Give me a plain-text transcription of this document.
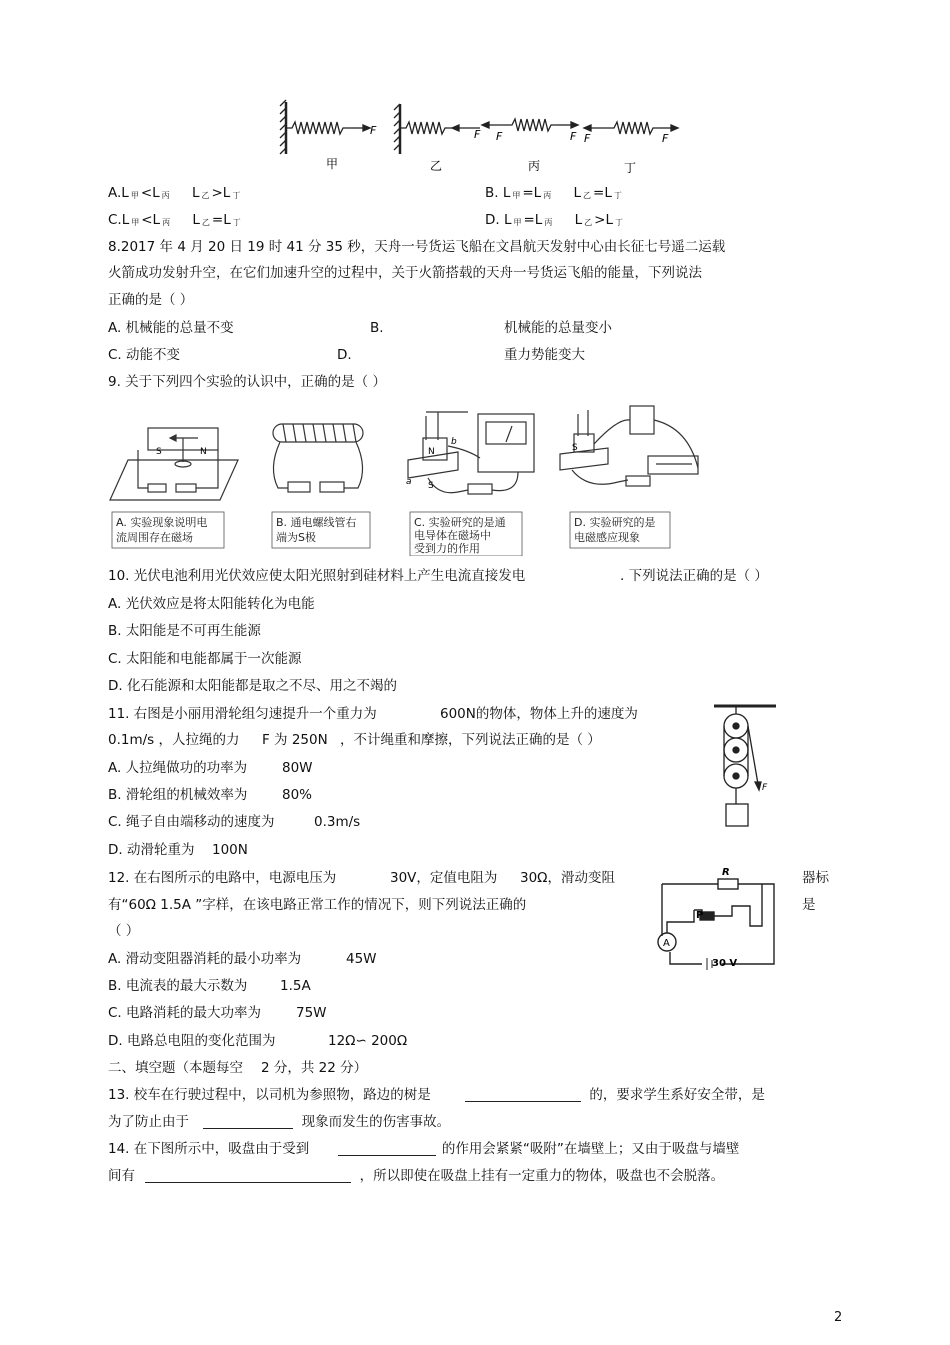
F	F F	F F	F
甲	乙	丙	丁
A.L 甲 <L 丙 L 乙 >L 丁	B. L 甲 =L 丙 L 乙 =L 丁
C.L 甲 <L 丙 L 乙 =L 丁	D. L 甲 =L 丙 L 乙 >L 丁
8.2017 年 4 月 20 日 19 时 41 分 35 秒，天舟一号货运飞船在文昌航天发射中心由长征七号遥二运载
火箭成功发射升空，在它们加速升空的过程中，关于火箭搭载的天舟一号货运飞船的能量，下列说法
正确的是（ ）
A. 机械能的总量不变	B.	机械能的总量变小
C. 动能不变	D.	重力势能变大
9. 关于下列四个实验的认识中，正确的是（ ）
S	N	N
S
b
a
S
A. 实验现象说明电
流周围存在磁场
B. 通电螺线管右
端为S极
C. 实验研究的是通
电导体在磁场中
受到力的作用
D. 实验研究的是
电磁感应现象
10. 光伏电池利用光伏效应使太阳光照射到硅材料上产生电流直接发电	. 下列说法正确的是（ ）
A. 光伏效应是将太阳能转化为电能
B. 太阳能是不可再生能源
C. 太阳能和电能都属于一次能源
D. 化石能源和太阳能都是取之不尽、用之不竭的
11. 右图是小丽用滑轮组匀速提升一个重力为	600N的物体，物体上升的速度为
0.1m/s ，人拉绳的力 F 为 250N ，不计绳重和摩擦，下列说法正确的是（ ）
A. 人拉绳做功的功率为	80W
B. 滑轮组的机械效率为	80%
C. 绳子自由端移动的速度为	0.3m/s
D. 动滑轮重为 100N
F
12. 在右图所示的电路中，电源电压为	30V，定值电阻为 30Ω，滑动变阻	器标
有“60Ω 1.5A ”字样，在该电路正常工作的情况下，则下列说法正确的	是
（ ）
A. 滑动变阻器消耗的最小功率为	45W
B. 电流表的最大示数为 1.5A
C. 电路消耗的最大功率为	75W
D. 电路总电阻的变化范围为	12Ω∽ 200Ω
R
P
A
30 V
二、填空题（本题每空 2 分，共 22 分）
13. 校车在行驶过程中，以司机为参照物，路边的树是	的，要求学生系好安全带，是
为了防止由于	现象而发生的伤害事故。
14. 在下图所示中，吸盘由于受到	的作用会紧紧“吸附”在墙壁上；又由于吸盘与墙壁
间有	，所以即使在吸盘上挂有一定重力的物体，吸盘也不会脱落。
2
